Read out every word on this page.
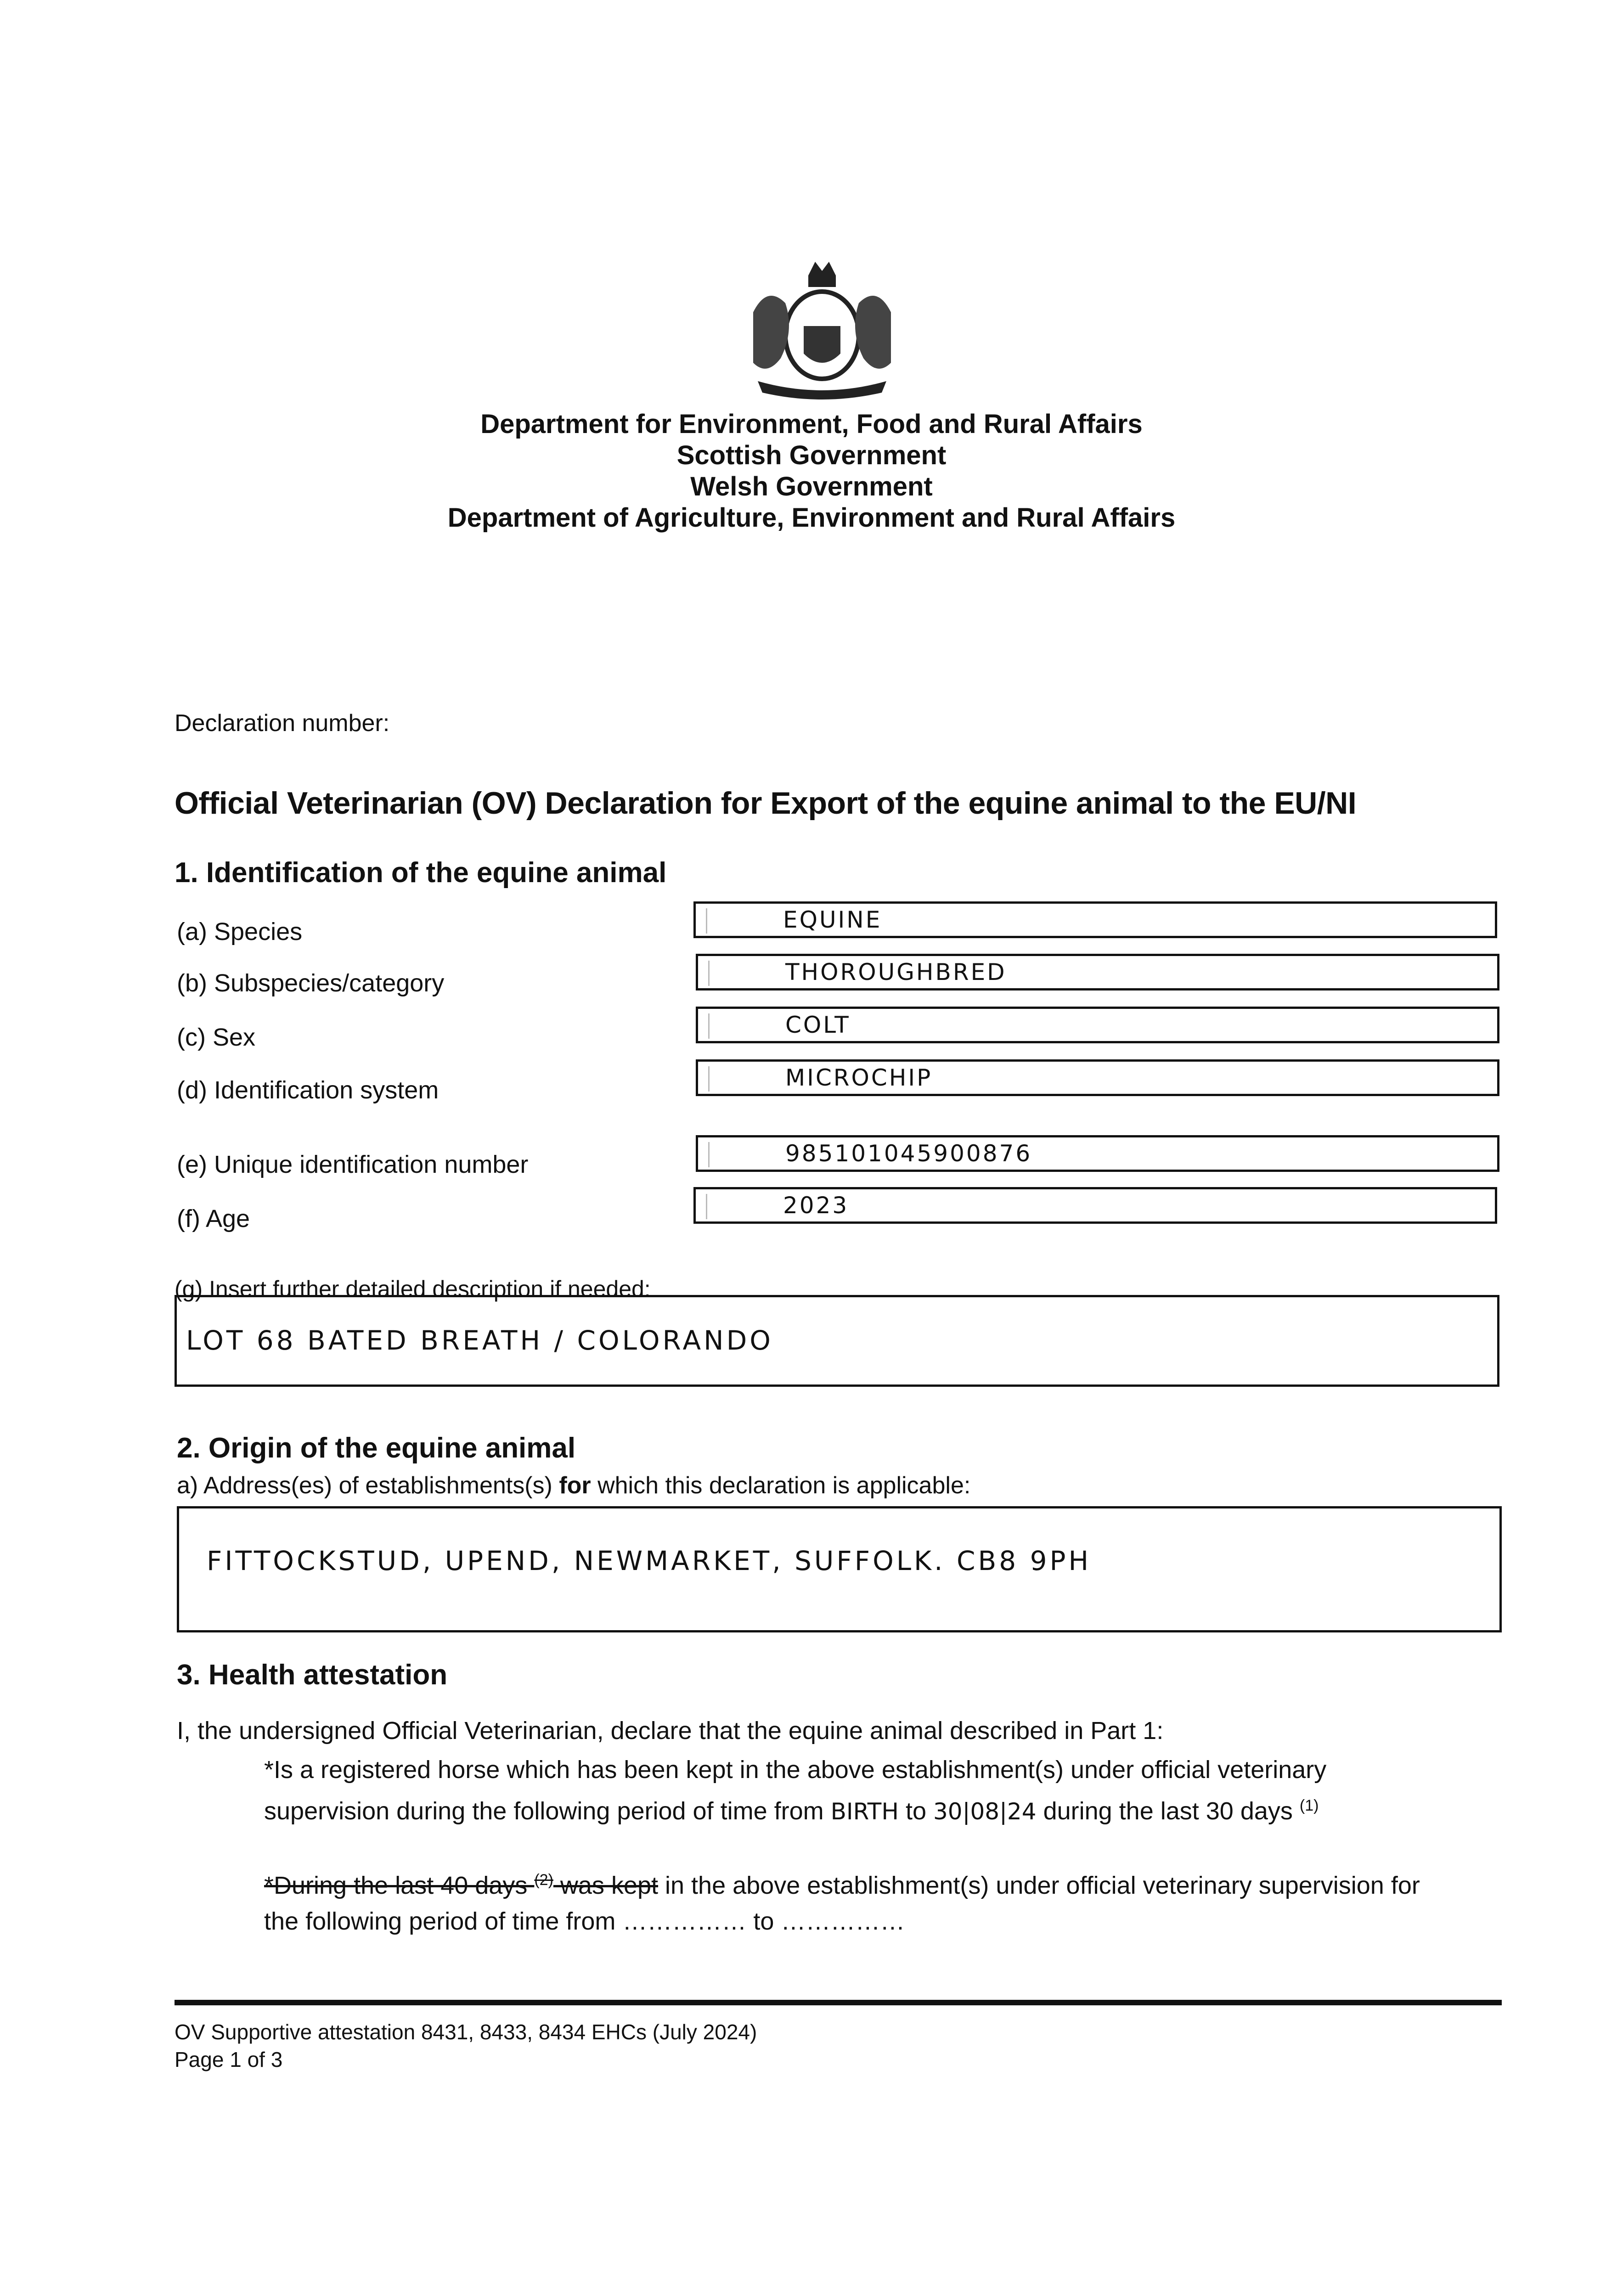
Department for Environment, Food and Rural Affairs
Scottish Government
Welsh Government
Department of Agriculture, Environment and Rural Affairs
Declaration number:
Official Veterinarian (OV) Declaration for Export of the equine animal to the EU/NI
1. Identification of the equine animal
(a) Species	EQUINE
(b) Subspecies/category	THOROUGHBRED
(c) Sex	COLT
(d) Identification system	MICROCHIP
(e) Unique identification number	985101045900876
(f) Age	2023
(g) Insert further detailed description if needed:
LOT 68 BATED BREATH / COLORANDO
2. Origin of the equine animal
a) Address(es) of establishments(s) for which this declaration is applicable:
FITTOCKSTUD, UPEND, NEWMARKET, SUFFOLK. CB8 9PH
3. Health attestation
I, the undersigned Official Veterinarian, declare that the equine animal described in Part 1:
*Is a registered horse which has been kept in the above establishment(s) under official veterinary
supervision during the following period of time from BIRTH to 30|08|24 during the last 30 days $^{(1)}$
*During the last 40 days $^{(2)}$ was kept in the above establishment(s) under official veterinary supervision for
the following period of time from …………… to ……………
OV Supportive attestation 8431, 8433, 8434 EHCs (July 2024)
Page 1 of 3
